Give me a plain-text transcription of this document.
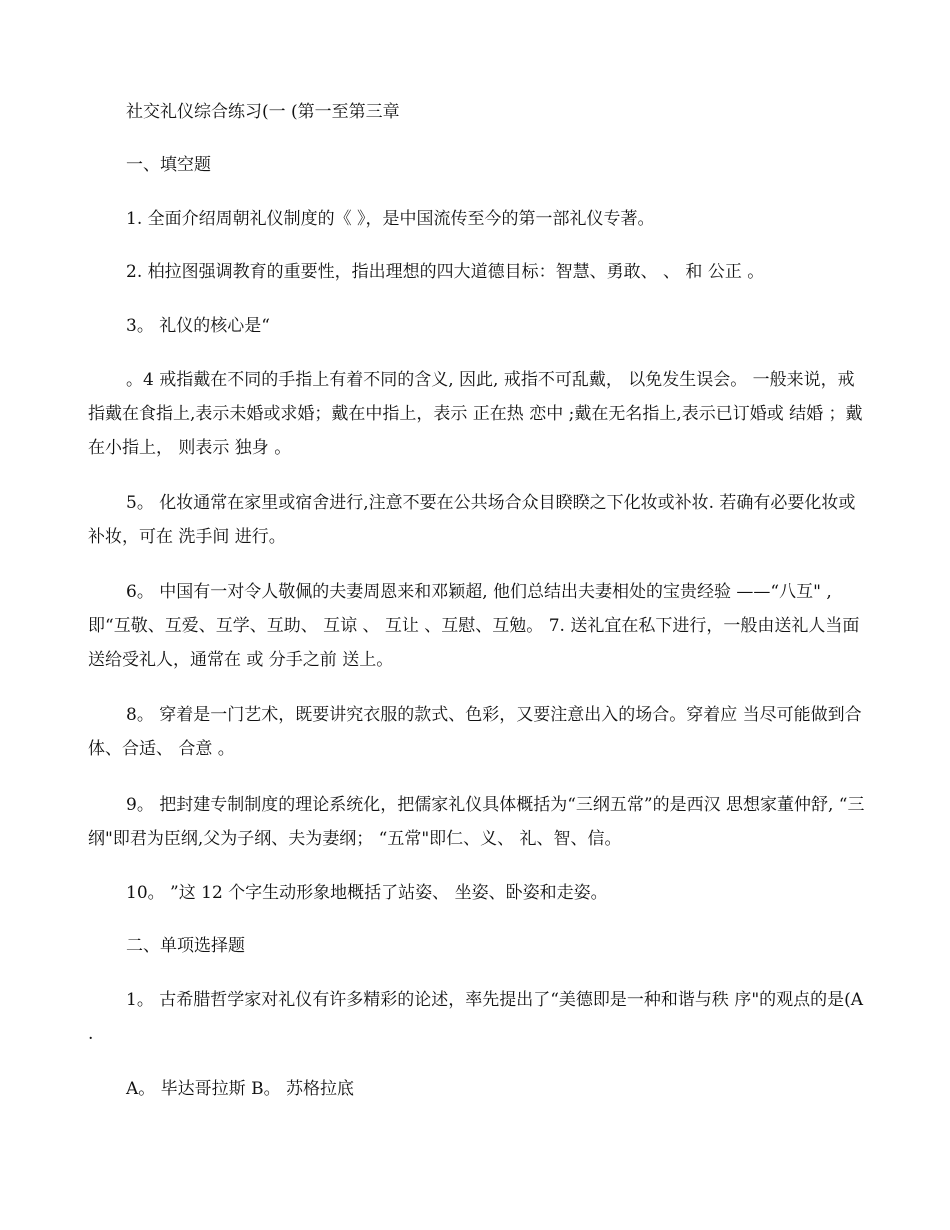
社交礼仪综合练习(一 (第一至第三章

一、填空题

1. 全面介绍周朝礼仪制度的《 》，是中国流传至今的第一部礼仪专著。

2. 柏拉图强调教育的重要性，指出理想的四大道德目标：智慧、勇敢、 、 和 公正 。

3。 礼仪的核心是“

。4 戒指戴在不同的手指上有着不同的含义, 因此, 戒指不可乱戴， 以免发生误会。 一般来说，戒指戴在食指上,表示未婚或求婚；戴在中指上，表示 正在热 恋中 ;戴在无名指上,表示已订婚或 结婚 ；戴在小指上， 则表示 独身 。

5。 化妆通常在家里或宿舍进行,注意不要在公共场合众目睽睽之下化妆或补妆. 若确有必要化妆或补妆，可在 洗手间 进行。

6。 中国有一对令人敬佩的夫妻周恩来和邓颖超, 他们总结出夫妻相处的宝贵经验 ——“八互" ,即“互敬、互爱、互学、互助、 互谅 、 互让 、互慰、互勉。 7. 送礼宜在私下进行，一般由送礼人当面送给受礼人，通常在 或 分手之前 送上。

8。 穿着是一门艺术，既要讲究衣服的款式、色彩，又要注意出入的场合。穿着应 当尽可能做到合体、合适、 合意 。

9。 把封建专制制度的理论系统化，把儒家礼仪具体概括为“三纲五常”的是西汉 思想家董仲舒, “三纲"即君为臣纲,父为子纲、夫为妻纲； “五常"即仁、义、 礼、智、信。

10。 ”这 12 个字生动形象地概括了站姿、 坐姿、卧姿和走姿。

二、单项选择题

1。 古希腊哲学家对礼仪有许多精彩的论述，率先提出了“美德即是一种和谐与秩 序"的观点的是(A .

A。 毕达哥拉斯 B。 苏格拉底
